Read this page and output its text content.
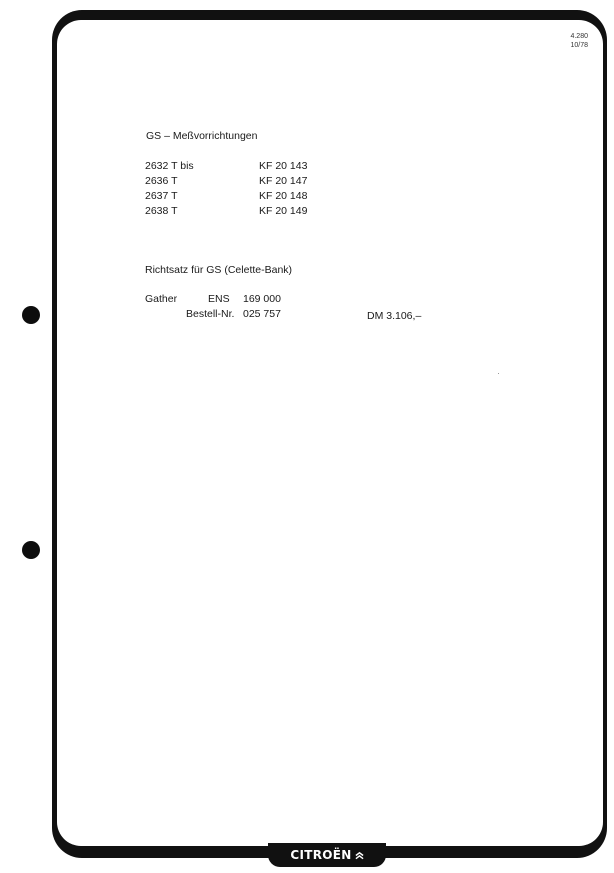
4.280
10/78
GS – Meßvorrichtungen
2632 T bis	KF 20 143
2636 T	KF 20 147
2637 T	KF 20 148
2638 T	KF 20 149
Richtsatz für GS (Celette-Bank)
Gather	ENS 169 000
Bestell-Nr. 025 757	DM 3.106,–
CITROËN
